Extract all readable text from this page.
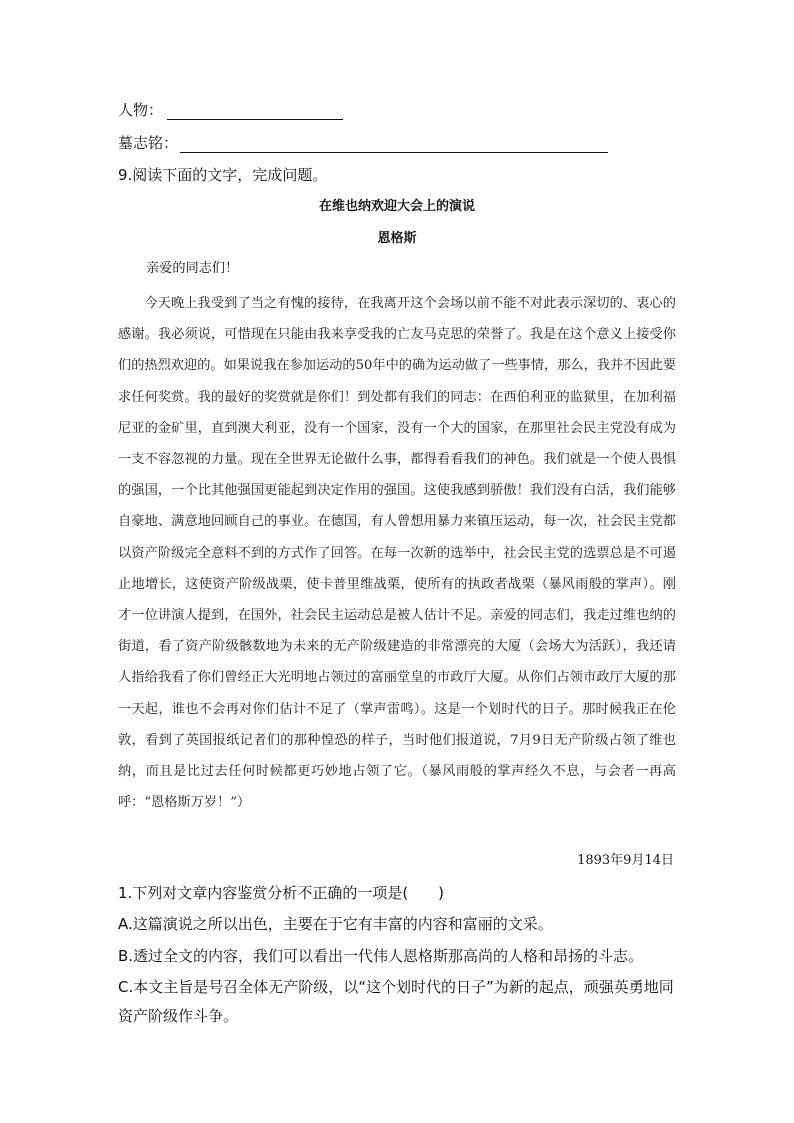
人物：
墓志铭：
9.阅读下面的文字，完成问题。
在维也纳欢迎大会上的演说
恩格斯
亲爱的同志们！
今天晚上我受到了当之有愧的接待，在我离开这个会场以前不能不对此表示深切的、衷心的感谢。我必须说，可惜现在只能由我来享受我的亡友马克思的荣誉了。我是在这个意义上接受你们的热烈欢迎的。如果说我在参加运动的50年中的确为运动做了一些事情，那么，我并不因此要求任何奖赏。我的最好的奖赏就是你们！到处都有我们的同志：在西伯利亚的监狱里，在加利福尼亚的金矿里，直到澳大利亚，没有一个国家，没有一个大的国家，在那里社会民主党没有成为一支不容忽视的力量。现在全世界无论做什么事，都得看看我们的神色。我们就是一个使人畏惧的强国，一个比其他强国更能起到决定作用的强国。这使我感到骄傲！我们没有白活，我们能够自豪地、满意地回顾自己的事业。在德国，有人曾想用暴力来镇压运动，每一次，社会民主党都以资产阶级完全意料不到的方式作了回答。在每一次新的选举中，社会民主党的选票总是不可遏止地增长，这使资产阶级战栗，使卡普里维战栗，使所有的执政者战栗（暴风雨般的掌声）。刚才一位讲演人提到，在国外，社会民主运动总是被人估计不足。亲爱的同志们，我走过维也纳的街道，看了资产阶级骸数地为未来的无产阶级建造的非常漂亮的大厦（会场大为活跃），我还请人指给我看了你们曾经正大光明地占领过的富丽堂皇的市政厅大厦。从你们占领市政厅大厦的那一天起，谁也不会再对你们估计不足了（掌声雷鸣）。这是一个划时代的日子。那时候我正在伦敦，看到了英国报纸记者们的那种惶恐的样子，当时他们报道说，7月9日无产阶级占领了维也纳，而且是比过去任何时候都更巧妙地占领了它。（暴风雨般的掌声经久不息，与会者一再高呼：“恩格斯万岁！”）
1893年9月14日
1.下列对文章内容鉴赏分析不正确的一项是(　　)
A.这篇演说之所以出色，主要在于它有丰富的内容和富丽的文采。
B.透过全文的内容，我们可以看出一代伟人恩格斯那高尚的人格和昂扬的斗志。
C.本文主旨是号召全体无产阶级，以“这个划时代的日子”为新的起点，顽强英勇地同资产阶级作斗争。
